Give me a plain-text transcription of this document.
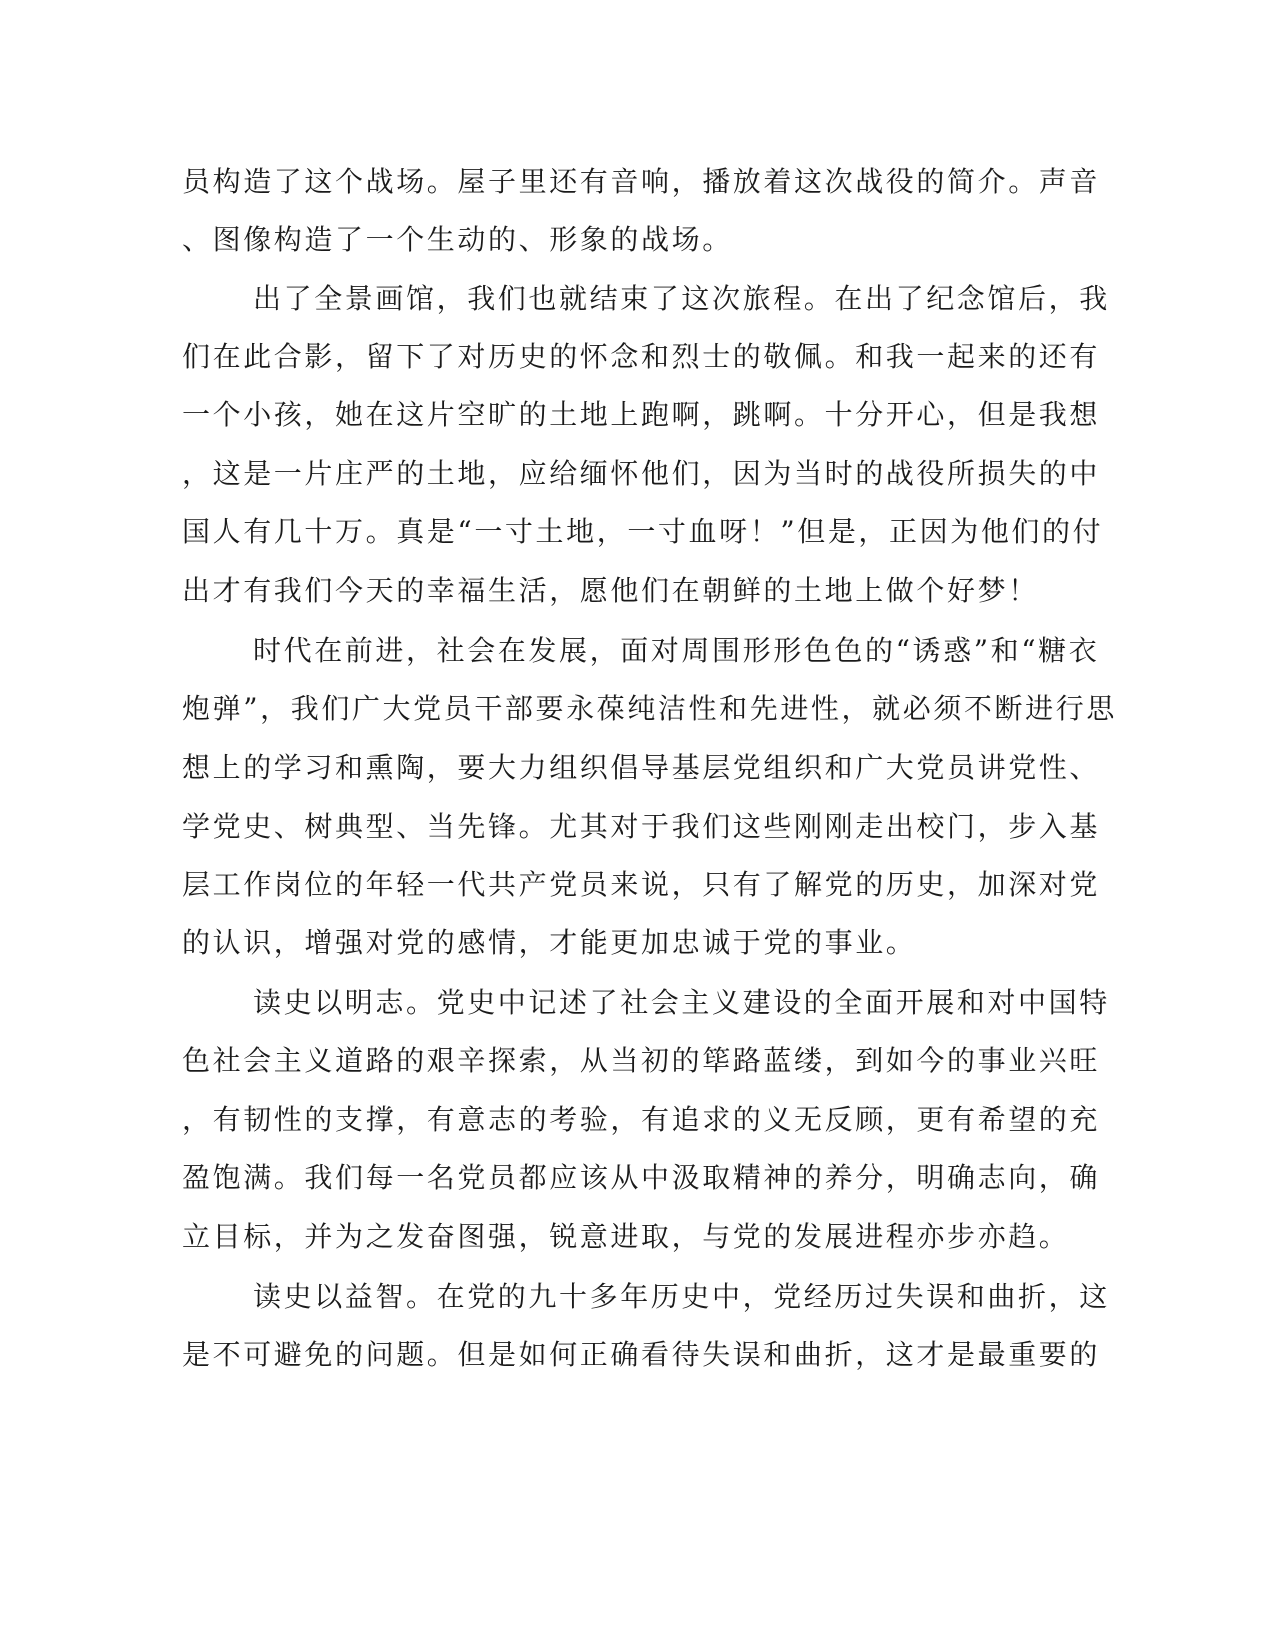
员构造了这个战场。屋子里还有音响，播放着这次战役的简介。声音
、图像构造了一个生动的、形象的战场。
出了全景画馆，我们也就结束了这次旅程。在出了纪念馆后，我
们在此合影，留下了对历史的怀念和烈士的敬佩。和我一起来的还有
一个小孩，她在这片空旷的土地上跑啊，跳啊。十分开心，但是我想
，这是一片庄严的土地，应给缅怀他们，因为当时的战役所损失的中
国人有几十万。真是“一寸土地，一寸血呀！”但是，正因为他们的付
出才有我们今天的幸福生活，愿他们在朝鲜的土地上做个好梦！
时代在前进，社会在发展，面对周围形形色色的“诱惑”和“糖衣
炮弹”，我们广大党员干部要永葆纯洁性和先进性，就必须不断进行思
想上的学习和熏陶，要大力组织倡导基层党组织和广大党员讲党性、
学党史、树典型、当先锋。尤其对于我们这些刚刚走出校门，步入基
层工作岗位的年轻一代共产党员来说，只有了解党的历史，加深对党
的认识，增强对党的感情，才能更加忠诚于党的事业。
读史以明志。党史中记述了社会主义建设的全面开展和对中国特
色社会主义道路的艰辛探索，从当初的筚路蓝缕，到如今的事业兴旺
，有韧性的支撑，有意志的考验，有追求的义无反顾，更有希望的充
盈饱满。我们每一名党员都应该从中汲取精神的养分，明确志向，确
立目标，并为之发奋图强，锐意进取，与党的发展进程亦步亦趋。
读史以益智。在党的九十多年历史中，党经历过失误和曲折，这
是不可避免的问题。但是如何正确看待失误和曲折，这才是最重要的
